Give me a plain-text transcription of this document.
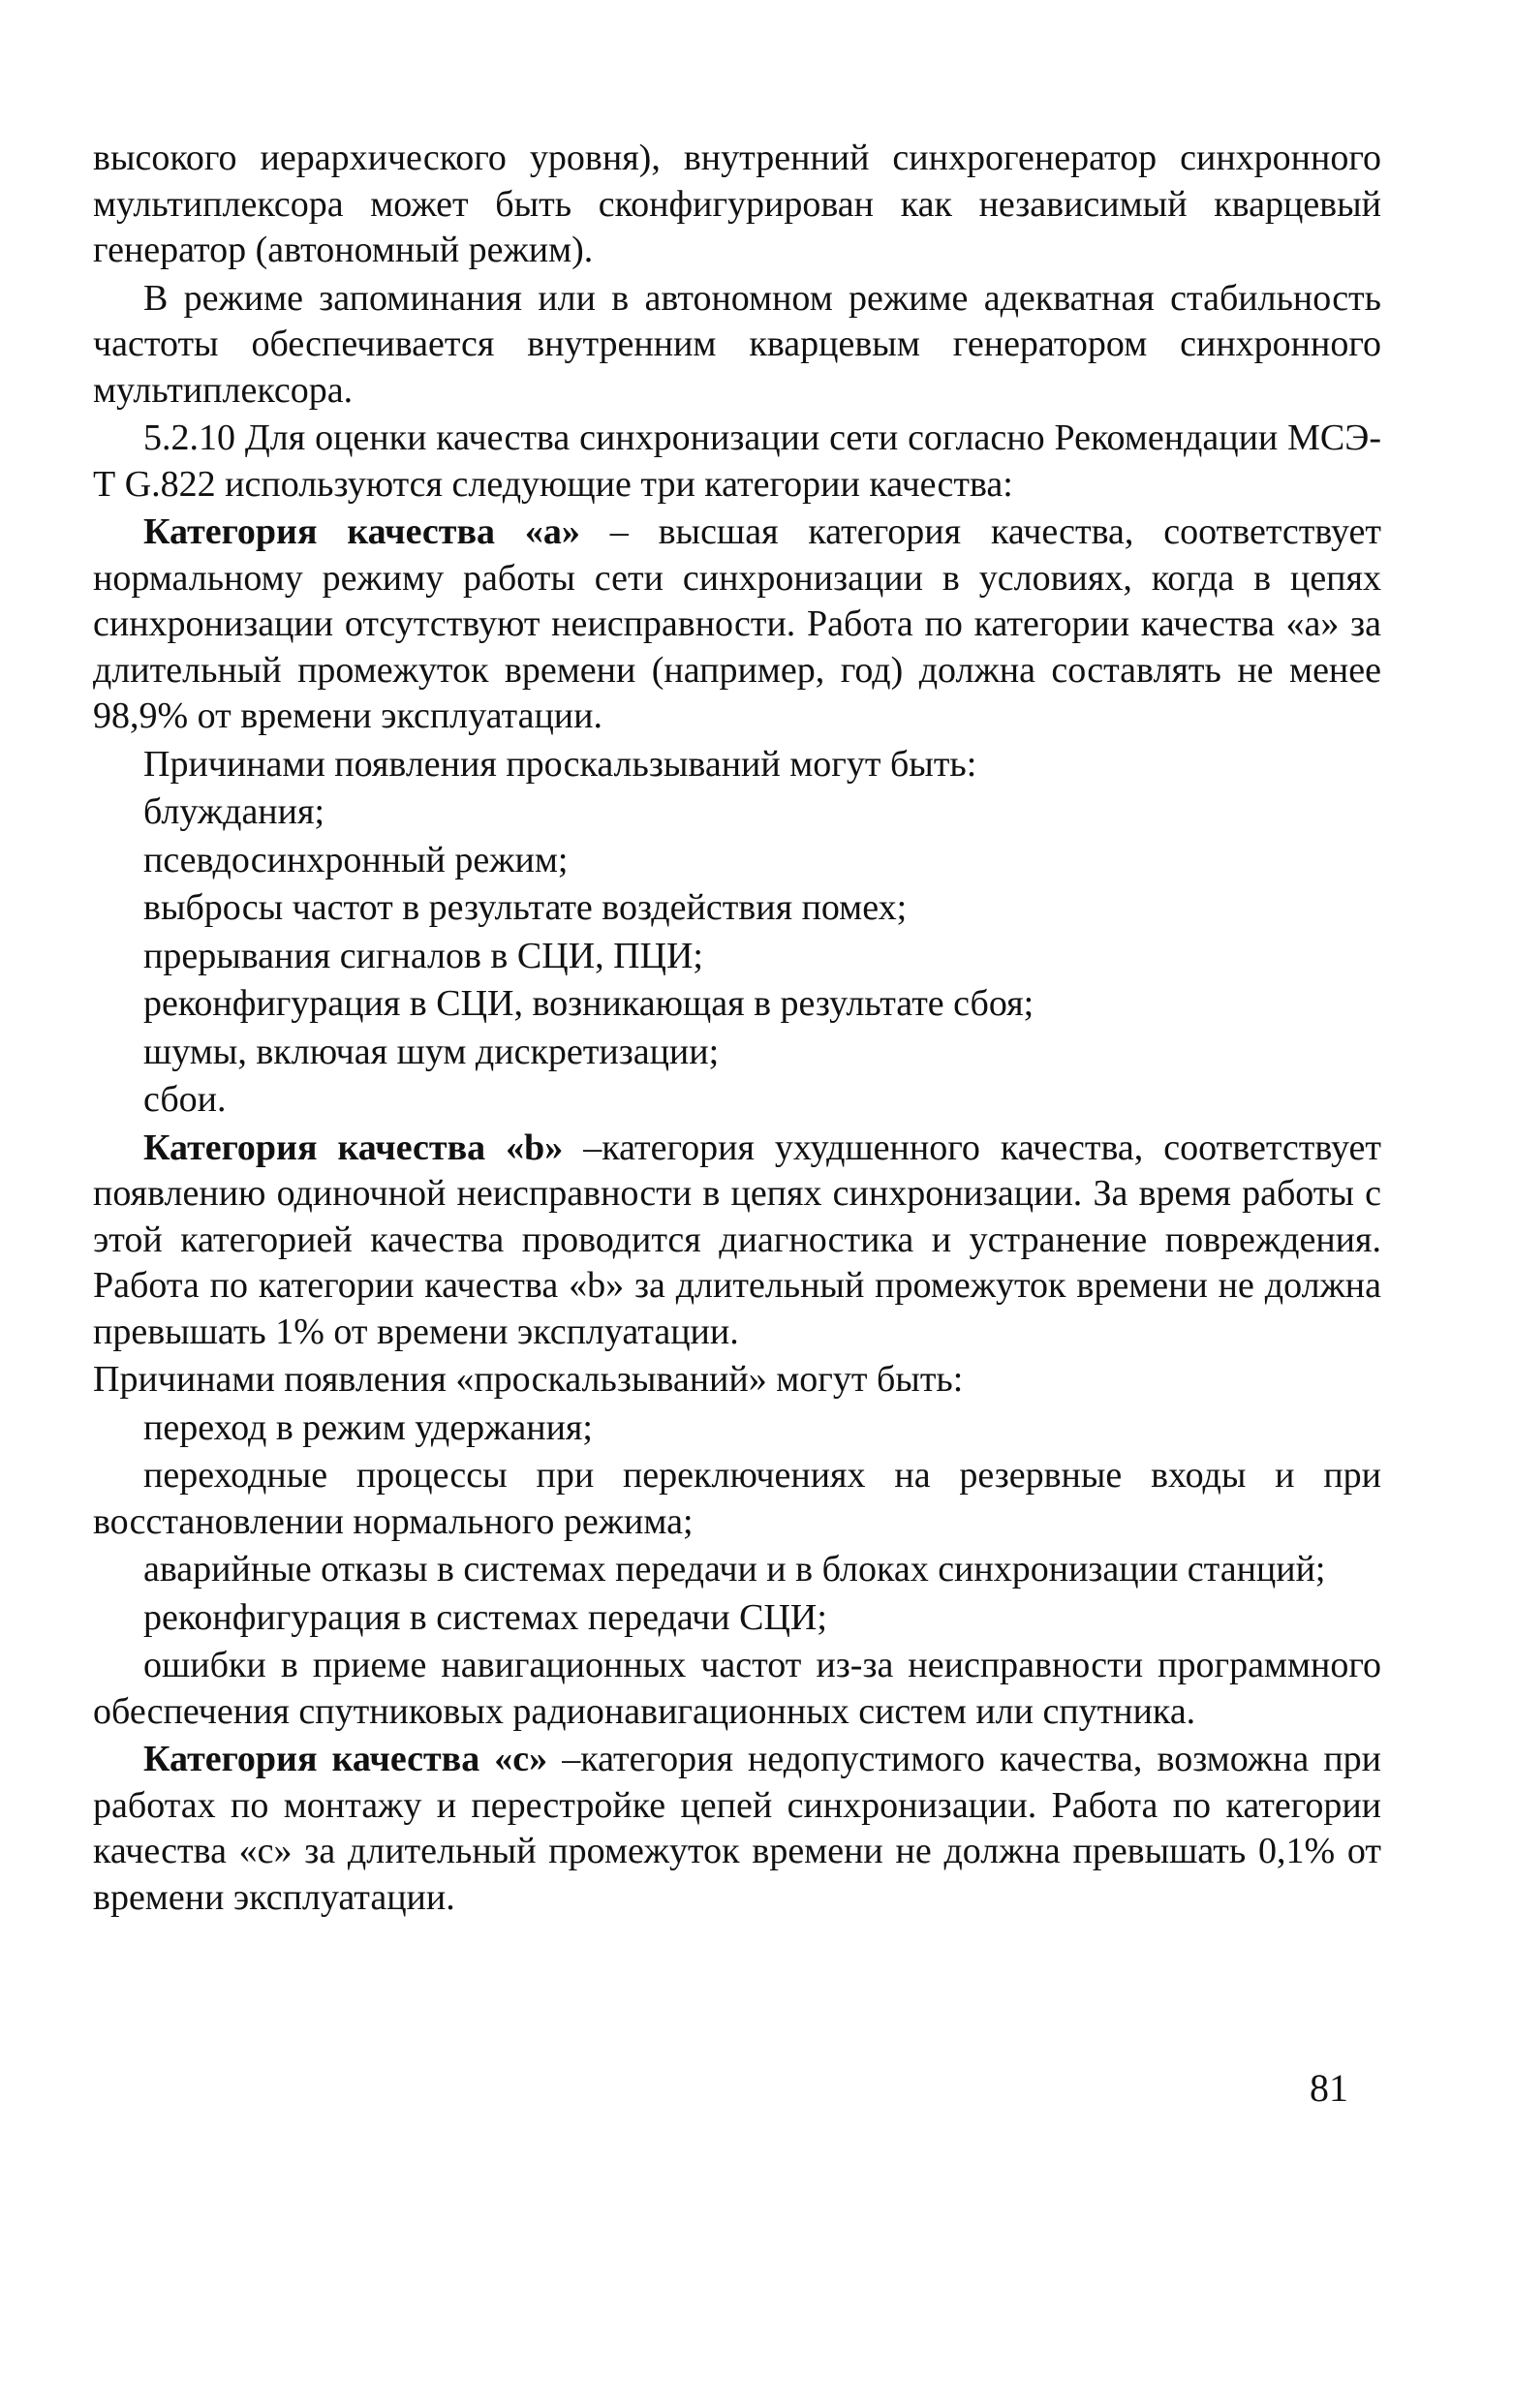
высокого иерархического уровня), внутренний синхрогенератор синхронного мультиплексора может быть сконфигурирован как независимый кварцевый генератор (автономный режим).

В режиме запоминания или в автономном режиме адекватная стабильность частоты обеспечивается внутренним кварцевым генератором синхронного мультиплексора.

5.2.10 Для оценки качества синхронизации сети согласно Рекомендации МСЭ-Т G.822 используются следующие три категории качества:

Категория качества «а» – высшая категория качества, соответствует нормальному режиму работы сети синхронизации в условиях, когда в цепях синхронизации отсутствуют неисправности. Работа по категории качества «а» за длительный промежуток времени (например, год) должна составлять не менее 98,9% от времени эксплуатации.

Причинами появления проскальзываний могут быть:

блуждания;

псевдосинхронный режим;

выбросы частот в результате воздействия помех;

прерывания сигналов в СЦИ, ПЦИ;

реконфигурация в СЦИ, возникающая в результате сбоя;

шумы, включая шум дискретизации;

сбои.

Категория качества «b» –категория ухудшенного качества, соответствует появлению одиночной неисправности в цепях синхронизации. За время работы с этой категорией качества проводится диагностика и устранение повреждения. Работа по категории качества «b» за длительный промежуток времени не должна превышать 1% от времени эксплуатации.

Причинами появления «проскальзываний» могут быть:

переход в режим удержания;

переходные процессы при переключениях на резервные входы и при восстановлении нормального режима;

аварийные отказы в системах передачи и в блоках синхронизации станций;

реконфигурация в системах передачи СЦИ;

ошибки в приеме навигационных частот из-за неисправности программного обеспечения спутниковых радионавигационных систем или спутника.

Категория качества «c» –категория недопустимого качества, возможна при работах по монтажу и перестройке цепей синхронизации. Работа по категории качества «c» за длительный промежуток времени не должна превышать 0,1% от времени эксплуатации.

81
